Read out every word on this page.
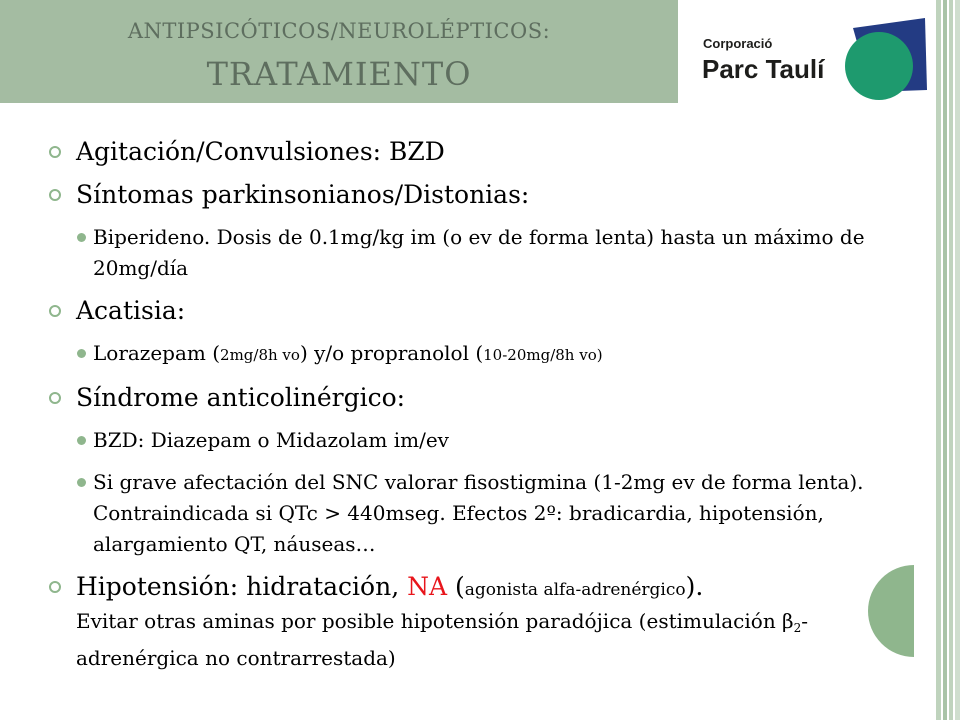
ANTIPSICÓTICOS/NEUROLÉPTICOS:
TRATAMIENTO
Corporació
Parc Taulí
Agitación/Convulsiones: BZD
Síntomas parkinsonianos/Distonias:
Biperideno. Dosis de 0.1mg/kg im (o ev de forma lenta) hasta un máximo de 20mg/día
Acatisia:
Lorazepam (2mg/8h vo) y/o propranolol (10-20mg/8h vo)
Síndrome anticolinérgico:
BZD: Diazepam o Midazolam im/ev
Si grave afectación del SNC valorar fisostigmina (1-2mg ev de forma lenta). Contraindicada si QTc > 440mseg. Efectos 2º: bradicardia, hipotensión, alargamiento QT, náuseas…
Hipotensión: hidratación, NA (agonista alfa-adrenérgico).
Evitar otras aminas por posible hipotensión paradójica (estimulación $\beta_2$-adrenérgica no contrarrestada)
